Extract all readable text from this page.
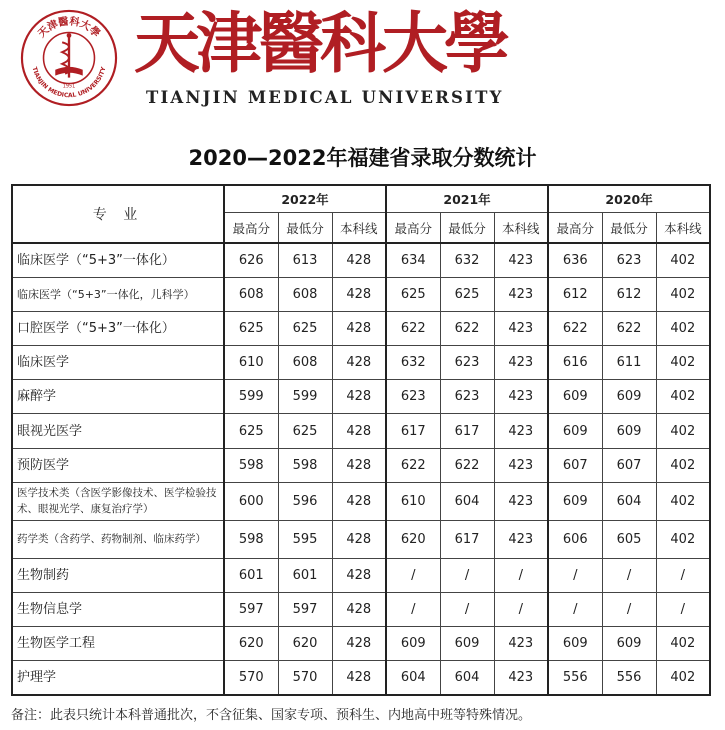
天津醫科大學
TIANJIN MEDICAL UNIVERSITY
1951
天津醫科大學
TIANJIN MEDICAL UNIVERSITY
2020—2022年福建省录取分数统计
专 业	2022年			2021年			2020年		
	最高分	最低分	本科线	最高分	最低分	本科线	最高分	最低分	本科线
临床医学（“5+3”一体化）	626	613	428	634	632	423	636	623	402
临床医学（“5+3”一体化，儿科学）	608	608	428	625	625	423	612	612	402
口腔医学（“5+3”一体化）	625	625	428	622	622	423	622	622	402
临床医学	610	608	428	632	623	423	616	611	402
麻醉学	599	599	428	623	623	423	609	609	402
眼视光医学	625	625	428	617	617	423	609	609	402
预防医学	598	598	428	622	622	423	607	607	402
医学技术类（含医学影像技术、医学检验技术、眼视光学、康复治疗学）	600	596	428	610	604	423	609	604	402
药学类（含药学、药物制剂、临床药学）	598	595	428	620	617	423	606	605	402
生物制药	601	601	428	/	/	/	/	/	/
生物信息学	597	597	428	/	/	/	/	/	/
生物医学工程	620	620	428	609	609	423	609	609	402
护理学	570	570	428	604	604	423	556	556	402
备注：此表只统计本科普通批次，不含征集、国家专项、预科生、内地高中班等特殊情况。
